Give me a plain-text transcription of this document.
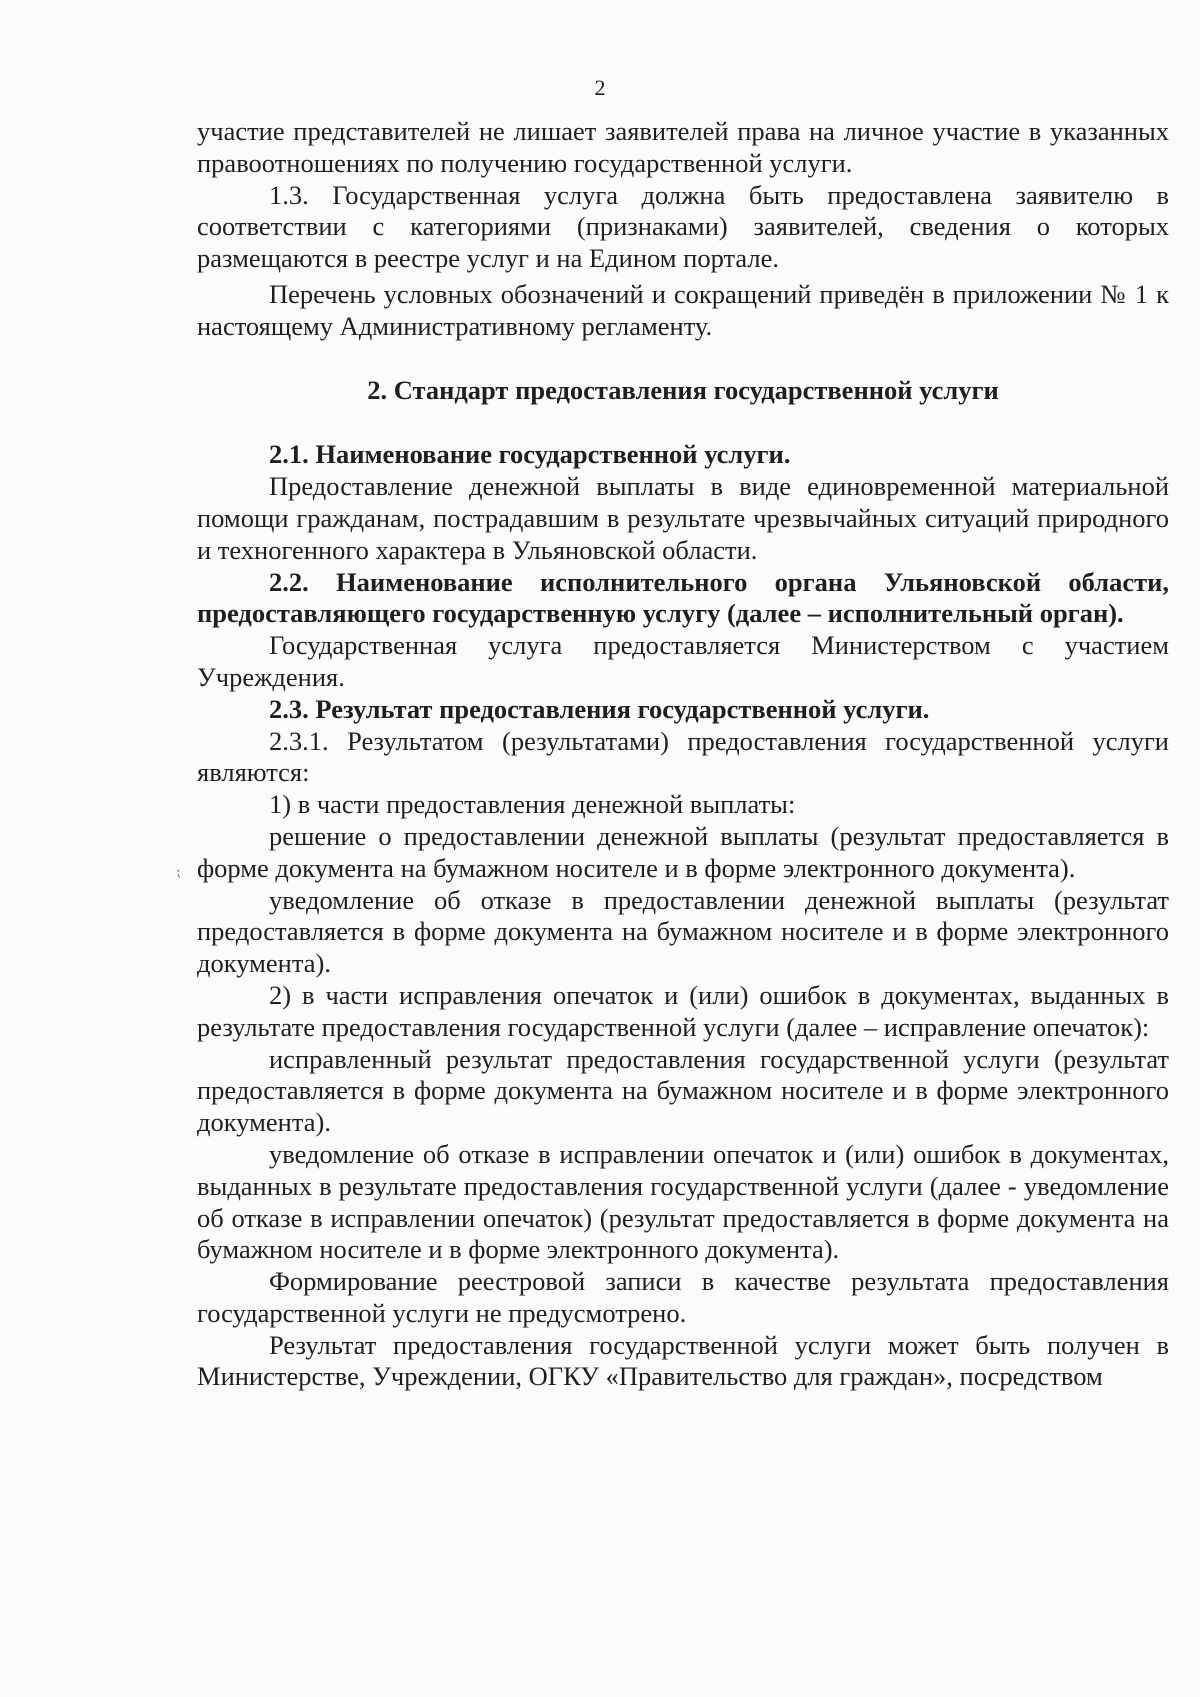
2
⁏

участие представителей не лишает заявителей права на личное участие в указанных правоотношениях по получению государственной услуги.

1.3. Государственная услуга должна быть предоставлена заявителю в соответствии с категориями (признаками) заявителей, сведения о которых размещаются в реестре услуг и на Едином портале.

Перечень условных обозначений и сокращений приведён в приложении № 1 к настоящему Административному регламенту.

2. Стандарт предоставления государственной услуги

2.1. Наименование государственной услуги.

Предоставление денежной выплаты в виде единовременной материальной помощи гражданам, пострадавшим в результате чрезвычайных ситуаций природного и техногенного характера в Ульяновской области.

2.2. Наименование исполнительного органа Ульяновской области, предоставляющего государственную услугу (далее – исполнительный орган).

Государственная услуга предоставляется Министерством с участием Учреждения.

2.3. Результат предоставления государственной услуги.

2.3.1. Результатом (результатами) предоставления государственной услуги являются:

1) в части предоставления денежной выплаты:

решение о предоставлении денежной выплаты (результат предоставляется в форме документа на бумажном носителе и в форме электронного документа).

уведомление об отказе в предоставлении денежной выплаты (результат предоставляется в форме документа на бумажном носителе и в форме электронного документа).

2) в части исправления опечаток и (или) ошибок в документах, выданных в результате предоставления государственной услуги (далее – исправление опечаток):

исправленный результат предоставления государственной услуги (результат предоставляется в форме документа на бумажном носителе и в форме электронного документа).

уведомление об отказе в исправлении опечаток и (или) ошибок в документах, выданных в результате предоставления государственной услуги (далее - уведомление об отказе в исправлении опечаток) (результат предоставляется в форме документа на бумажном носителе и в форме электронного документа).

Формирование реестровой записи в качестве результата предоставления государственной услуги не предусмотрено.

Результат предоставления государственной услуги может быть получен в Министерстве, Учреждении, ОГКУ «Правительство для граждан», посредством
